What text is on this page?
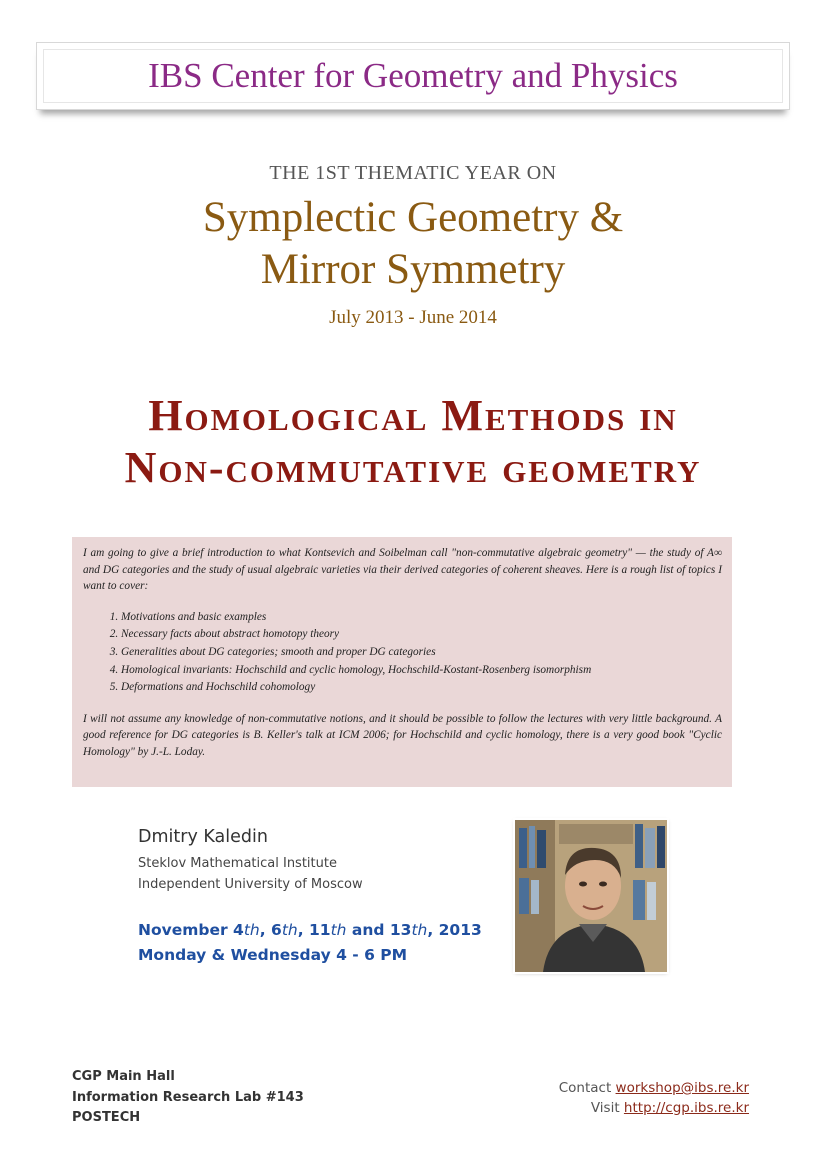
IBS Center for Geometry and Physics
THE 1ST THEMATIC YEAR ON
Symplectic Geometry &
Mirror Symmetry
July 2013 - June 2014
Homological Methods in
Non-commutative geometry

I am going to give a brief introduction to what Kontsevich and Soibelman call "non-commutative algebraic geometry" — the study of A∞ and DG categories and the study of usual algebraic varieties via their derived categories of coherent sheaves. Here is a rough list of topics I want to cover:

1. Motivations and basic examples
2. Necessary facts about abstract homotopy theory
3. Generalities about DG categories; smooth and proper DG categories
4. Homological invariants: Hochschild and cyclic homology, Hochschild-Kostant-Rosenberg isomorphism
5. Deformations and Hochschild cohomology

I will not assume any knowledge of non-commutative notions, and it should be possible to follow the lectures with very little background. A good reference for DG categories is B. Keller's talk at ICM 2006; for Hochschild and cyclic homology, there is a very good book "Cyclic Homology" by J.-L. Loday.

Dmitry Kaledin
Steklov Mathematical Institute
Independent University of Moscow
November 4th, 6th, 11th and 13th, 2013
Monday & Wednesday 4 - 6 PM
CGP Main Hall
Information Research Lab #143
POSTECH
Contact workshop@ibs.re.kr
Visit http://cgp.ibs.re.kr
